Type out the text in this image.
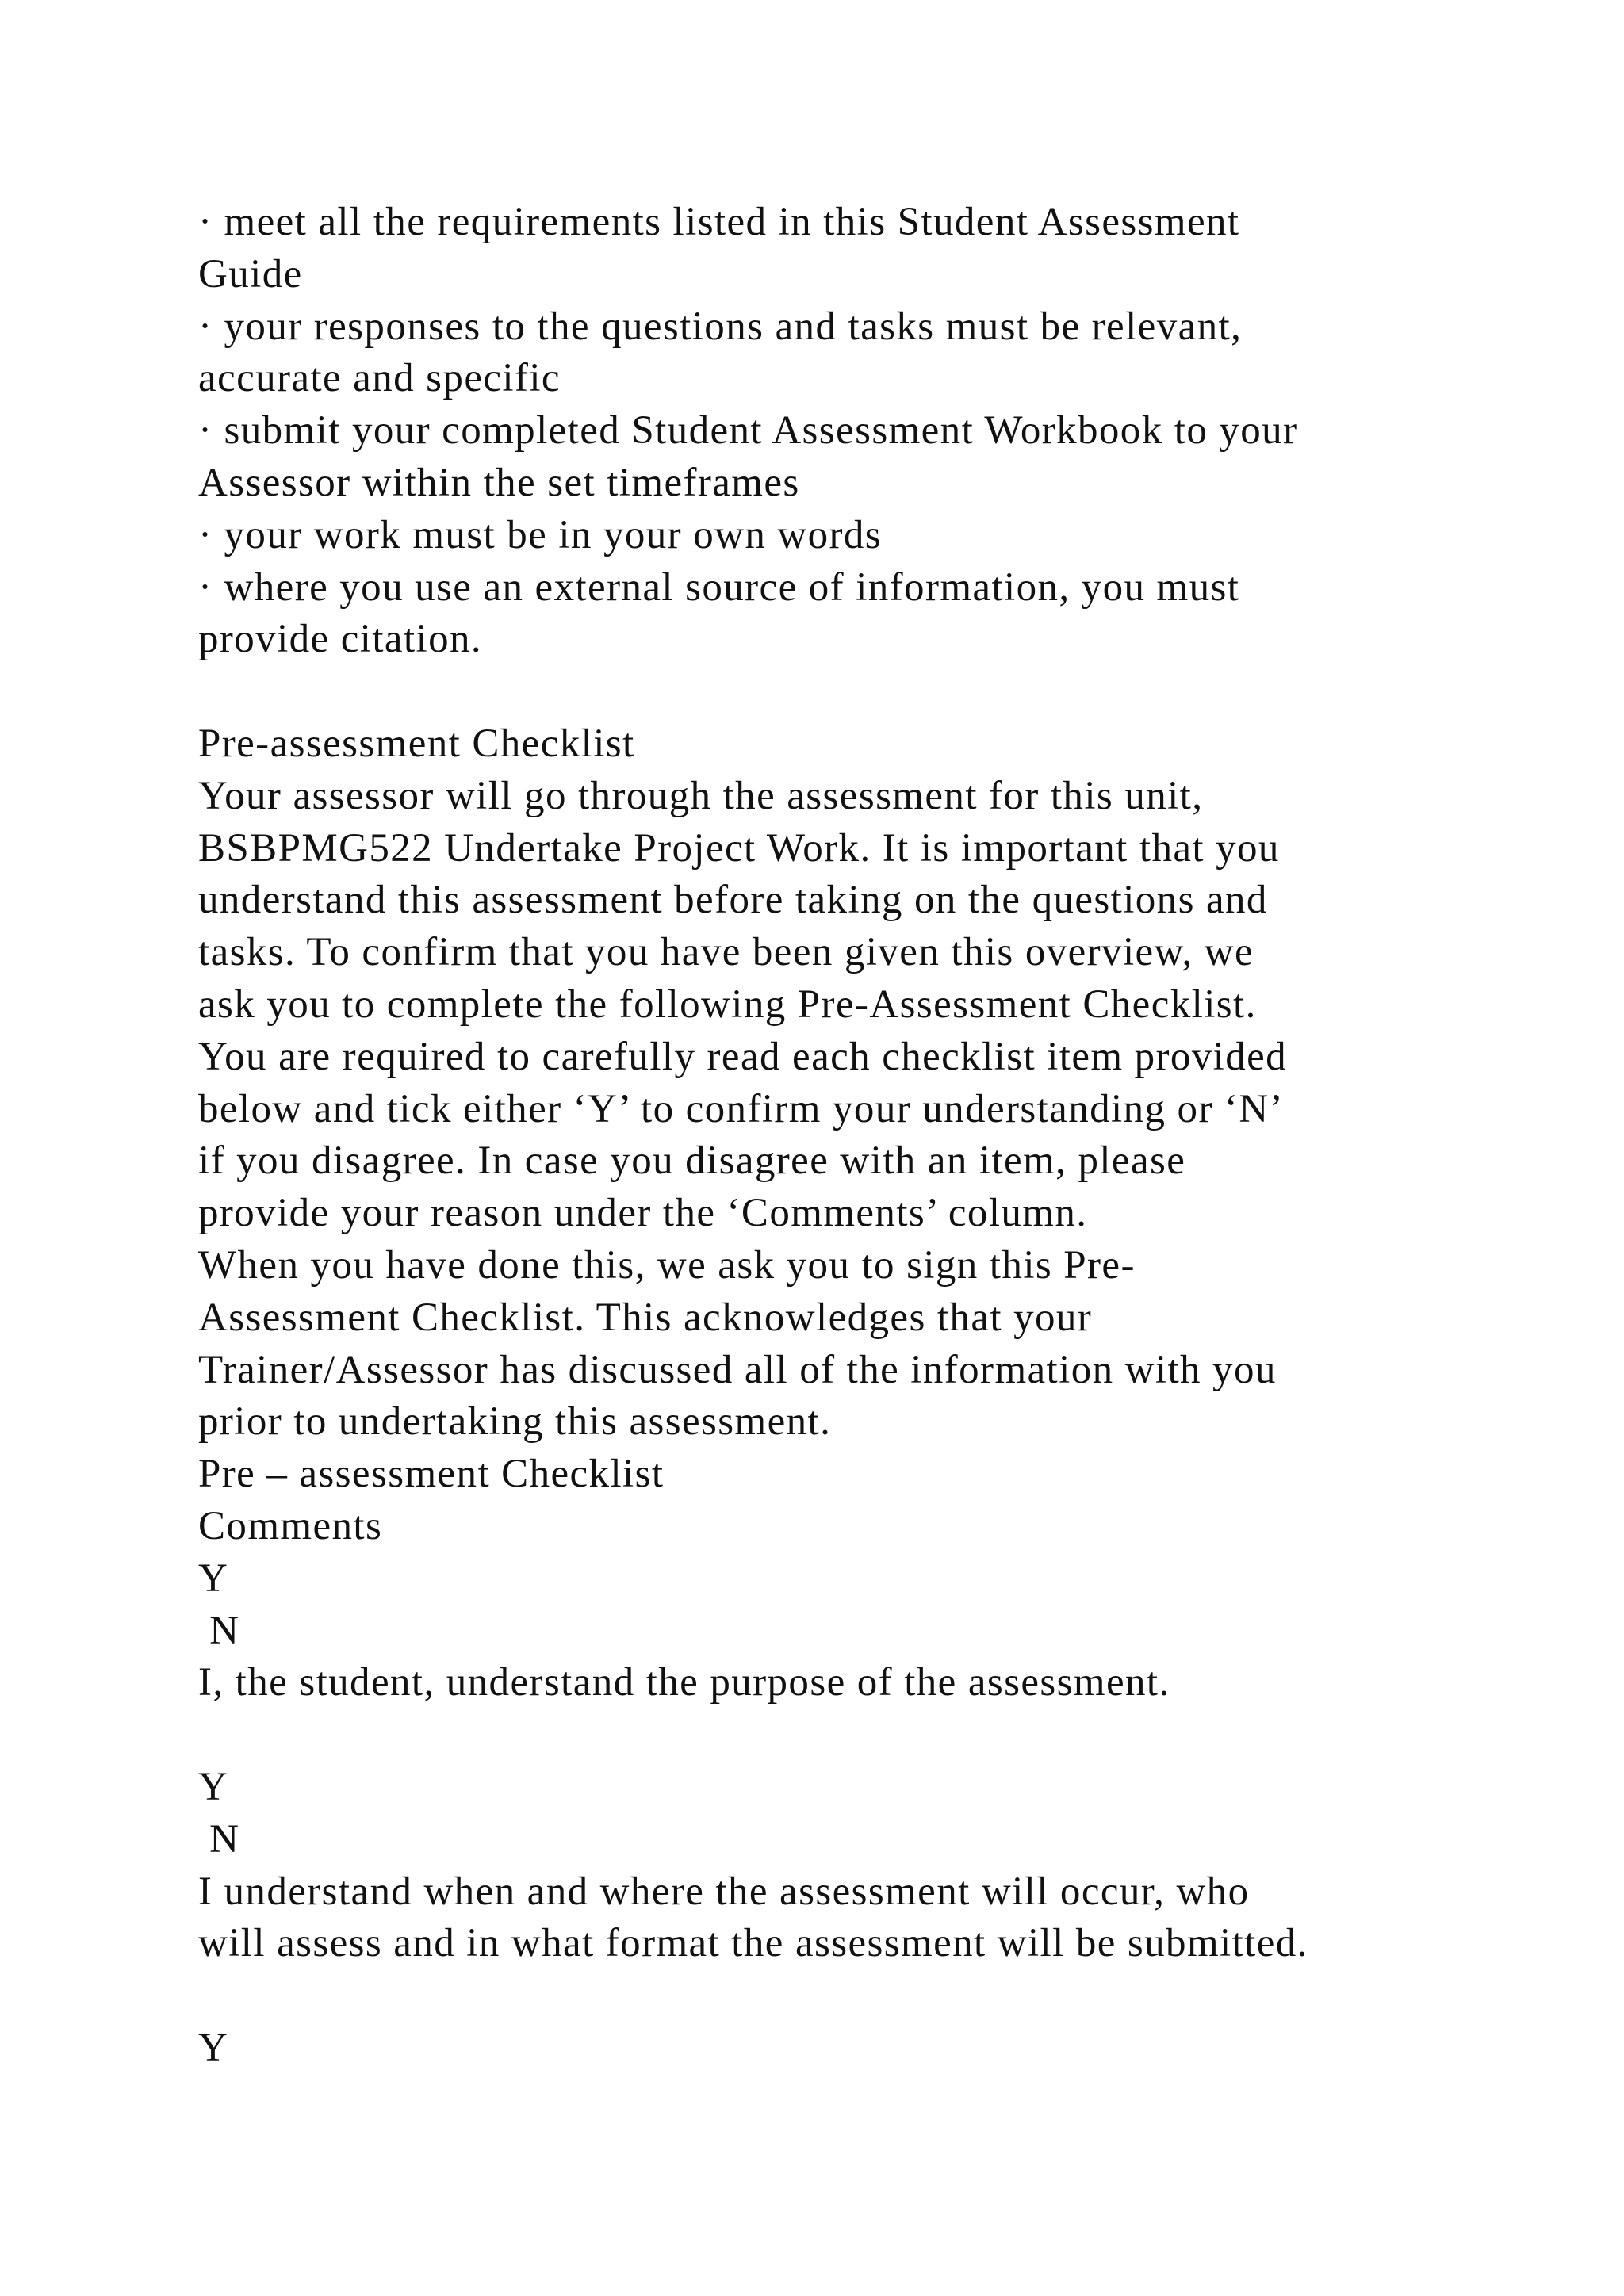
· meet all the requirements listed in this Student Assessment
Guide
· your responses to the questions and tasks must be relevant,
accurate and specific
· submit your completed Student Assessment Workbook to your
Assessor within the set timeframes
· your work must be in your own words
· where you use an external source of information, you must
provide citation.
Pre-assessment Checklist
Your assessor will go through the assessment for this unit,
BSBPMG522 Undertake Project Work. It is important that you
understand this assessment before taking on the questions and
tasks. To confirm that you have been given this overview, we
ask you to complete the following Pre-Assessment Checklist.
You are required to carefully read each checklist item provided
below and tick either ‘Y’ to confirm your understanding or ‘N’
if you disagree. In case you disagree with an item, please
provide your reason under the ‘Comments’ column.
When you have done this, we ask you to sign this Pre-
Assessment Checklist. This acknowledges that your
Trainer/Assessor has discussed all of the information with you
prior to undertaking this assessment.
Pre – assessment Checklist
Comments
Y
N
I, the student, understand the purpose of the assessment.
Y
N
I understand when and where the assessment will occur, who
will assess and in what format the assessment will be submitted.
Y
